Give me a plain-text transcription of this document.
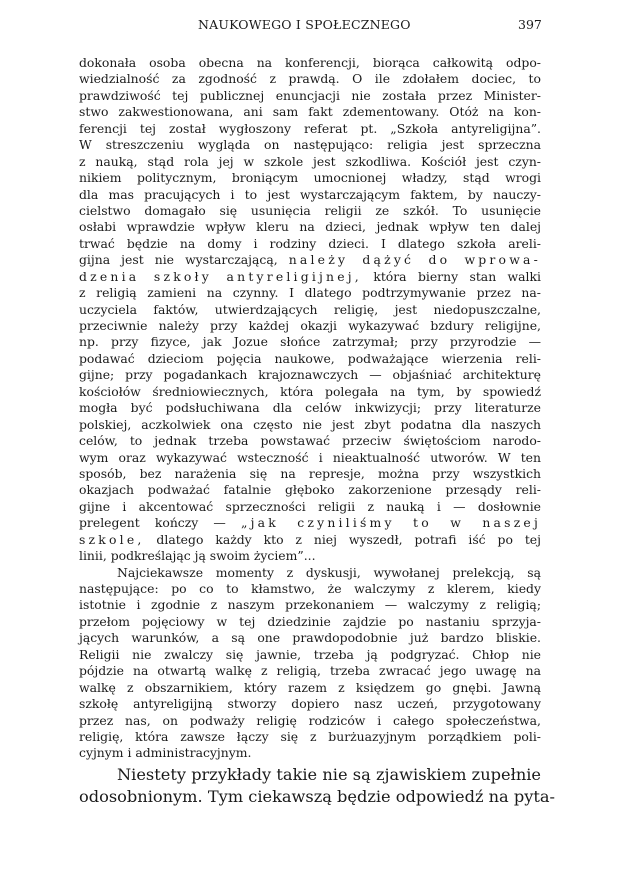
NAUKOWEGO I SPOŁECZNEGO	397
dokonała osoba obecna na konferencji, biorąca całkowitą odpo-
wiedzialność za zgodność z prawdą. O ile zdołałem dociec, to
prawdziwość tej publicznej enuncjacji nie została przez Minister-
stwo zakwestionowana, ani sam fakt zdementowany. Otóż na kon-
ferencji tej został wygłoszony referat pt. „Szkoła antyreligijna”.
W streszczeniu wygląda on następująco: religia jest sprzeczna
z nauką, stąd rola jej w szkole jest szkodliwa. Kościół jest czyn-
nikiem politycznym, broniącym umocnionej władzy, stąd wrogi
dla mas pracujących i to jest wystarczającym faktem, by nauczy-
cielstwo domagało się usunięcia religii ze szkół. To usunięcie
osłabi wprawdzie wpływ kleru na dzieci, jednak wpływ ten dalej
trwać będzie na domy i rodziny dzieci. I dlatego szkoła areli-
gijna jest nie wystarczającą, należy dążyć do wprowa-
dzenia szkoły antyreligijnej, która bierny stan walki
z religią zamieni na czynny. I dlatego podtrzymywanie przez na-
uczyciela faktów, utwierdzających religię, jest niedopuszczalne,
przeciwnie należy przy każdej okazji wykazywać bzdury religijne,
np. przy fizyce, jak Jozue słońce zatrzymał; przy przyrodzie —
podawać dzieciom pojęcia naukowe, podważające wierzenia reli-
gijne; przy pogadankach krajoznawczych — objaśniać architekturę
kościołów średniowiecznych, która polegała na tym, by spowiedź
mogła być podsłuchiwana dla celów inkwizycji; przy literaturze
polskiej, aczkolwiek ona często nie jest zbyt podatna dla naszych
celów, to jednak trzeba powstawać przeciw świętościom narodo-
wym oraz wykazywać wsteczność i nieaktualność utworów. W ten
sposób, bez narażenia się na represje, można przy wszystkich
okazjach podważać fatalnie głęboko zakorzenione przesądy reli-
gijne i akcentować sprzeczności religii z nauką i — dosłownie
prelegent kończy — „jak czyniliśmy to w naszej
szkole, dlatego każdy kto z niej wyszedł, potrafi iść po tej
linii, podkreślając ją swoim życiem”...
Najciekawsze momenty z dyskusji, wywołanej prelekcją, są
następujące: po co to kłamstwo, że walczymy z klerem, kiedy
istotnie i zgodnie z naszym przekonaniem — walczymy z religią;
przełom pojęciowy w tej dziedzinie zajdzie po nastaniu sprzyja-
jących warunków, a są one prawdopodobnie już bardzo bliskie.
Religii nie zwalczy się jawnie, trzeba ją podgryzać. Chłop nie
pójdzie na otwartą walkę z religią, trzeba zwracać jego uwagę na
walkę z obszarnikiem, który razem z księdzem go gnębi. Jawną
szkołę antyreligijną stworzy dopiero nasz uczeń, przygotowany
przez nas, on podważy religię rodziców i całego społeczeństwa,
religię, która zawsze łączy się z burżuazyjnym porządkiem poli-
cyjnym i administracyjnym.
Niestety przykłady takie nie są zjawiskiem zupełnie
odosobnionym. Tym ciekawszą będzie odpowiedź na pyta-
